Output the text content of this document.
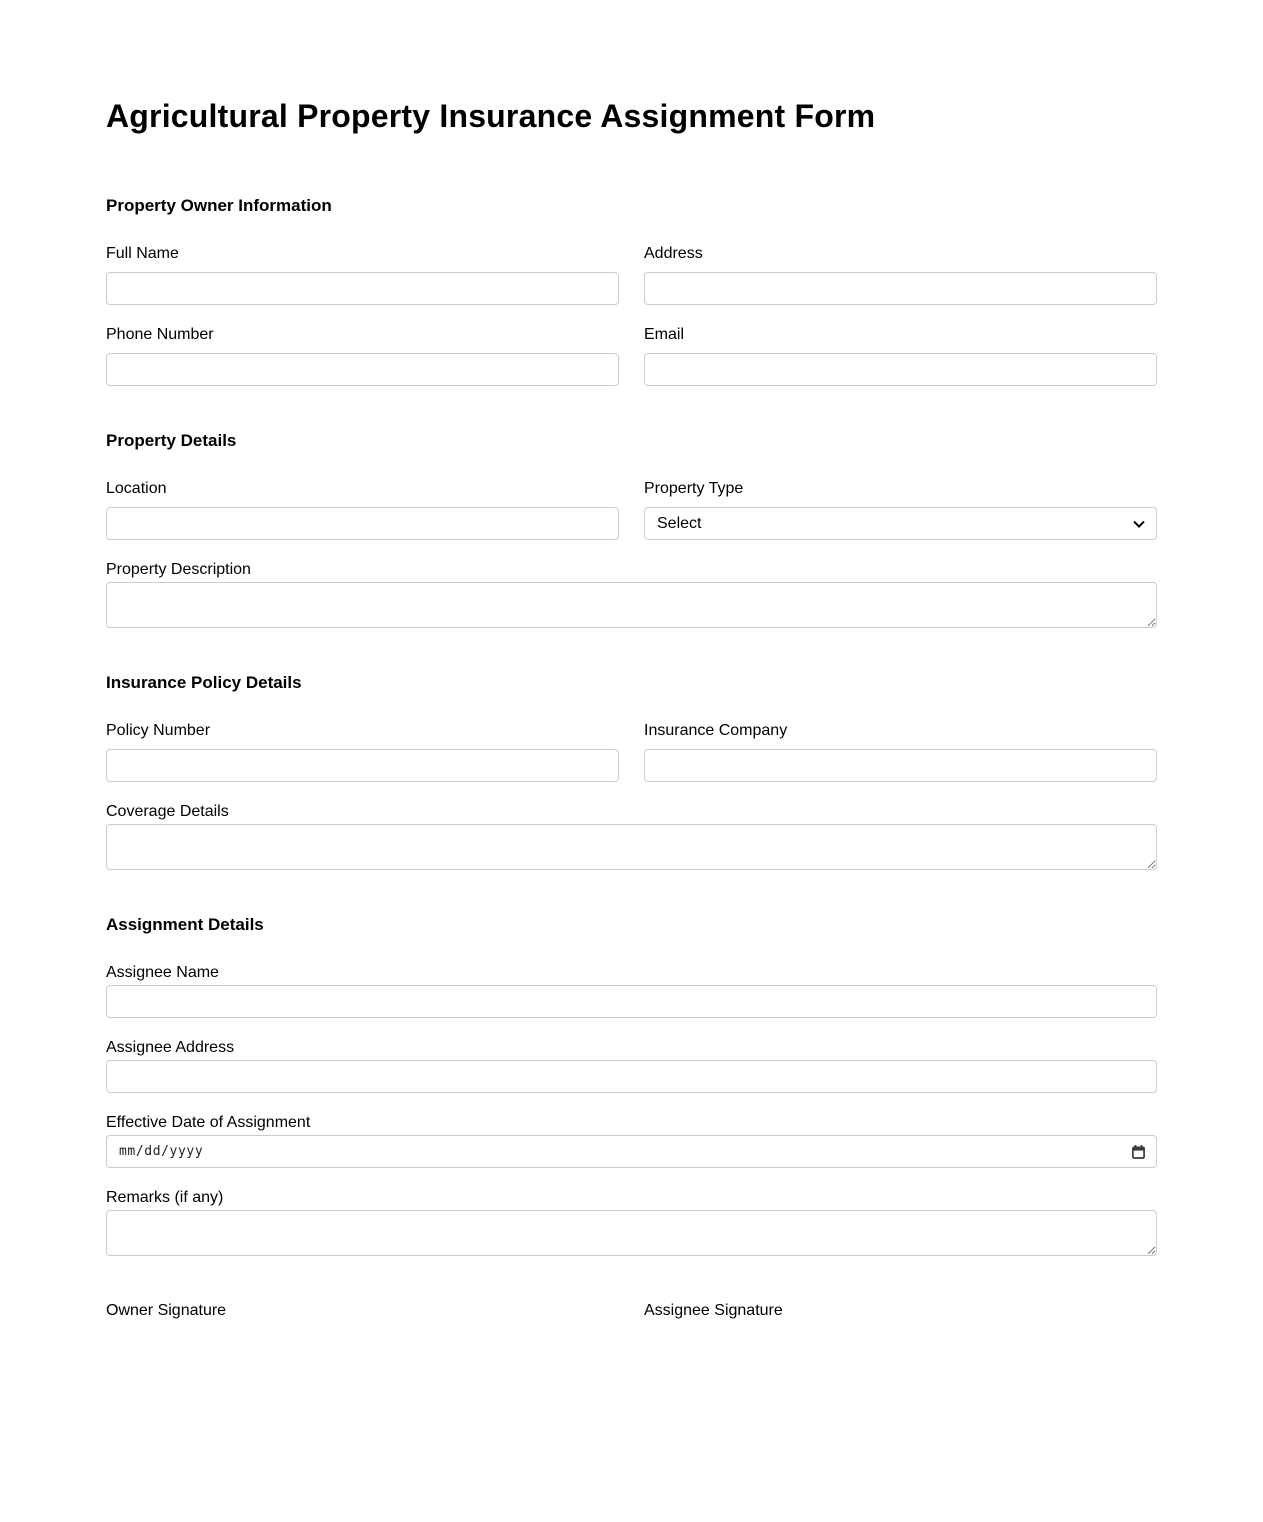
Agricultural Property Insurance Assignment Form
Property Owner Information
Full Name	Address
Phone Number	Email
Property Details
Location	Property Type
Select
Property Description
Insurance Policy Details
Policy Number	Insurance Company
Coverage Details
Assignment Details
Assignee Name
Assignee Address
Effective Date of Assignment
mm/dd/yyyy
Remarks (if any)
Owner Signature	Assignee Signature
